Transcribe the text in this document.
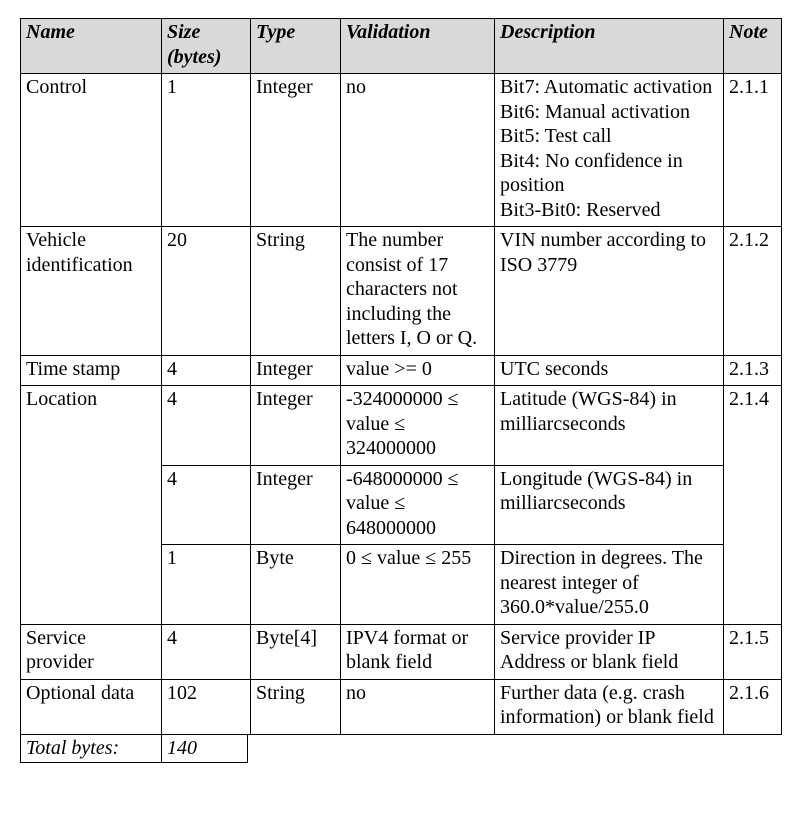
Name	Size (bytes)	Type	Validation	Description	Note
Control	1	Integer	no	Bit7: Automatic activation
Bit6: Manual activation
Bit5: Test call
Bit4: No confidence in position
Bit3-Bit0: Reserved	2.1.1
Vehicle identification	20	String	The number consist of 17 characters not including the letters I, O or Q.	VIN number according to ISO 3779	2.1.2
Time stamp	4	Integer	value >= 0	UTC seconds	2.1.3
Location	4	Integer	-324000000 ≤ value ≤ 324000000	Latitude (WGS-84) in milliarcseconds	2.1.4
	4	Integer	-648000000 ≤ value ≤ 648000000	Longitude (WGS-84) in milliarcseconds	
	1	Byte	0 ≤ value ≤ 255	Direction in degrees. The nearest integer of 360.0*value/255.0	
Service provider	4	Byte[4]	IPV4 format or blank field	Service provider IP Address or blank field	2.1.5
Optional data	102	String	no	Further data (e.g. crash information) or blank field	2.1.6
Total bytes:	140
